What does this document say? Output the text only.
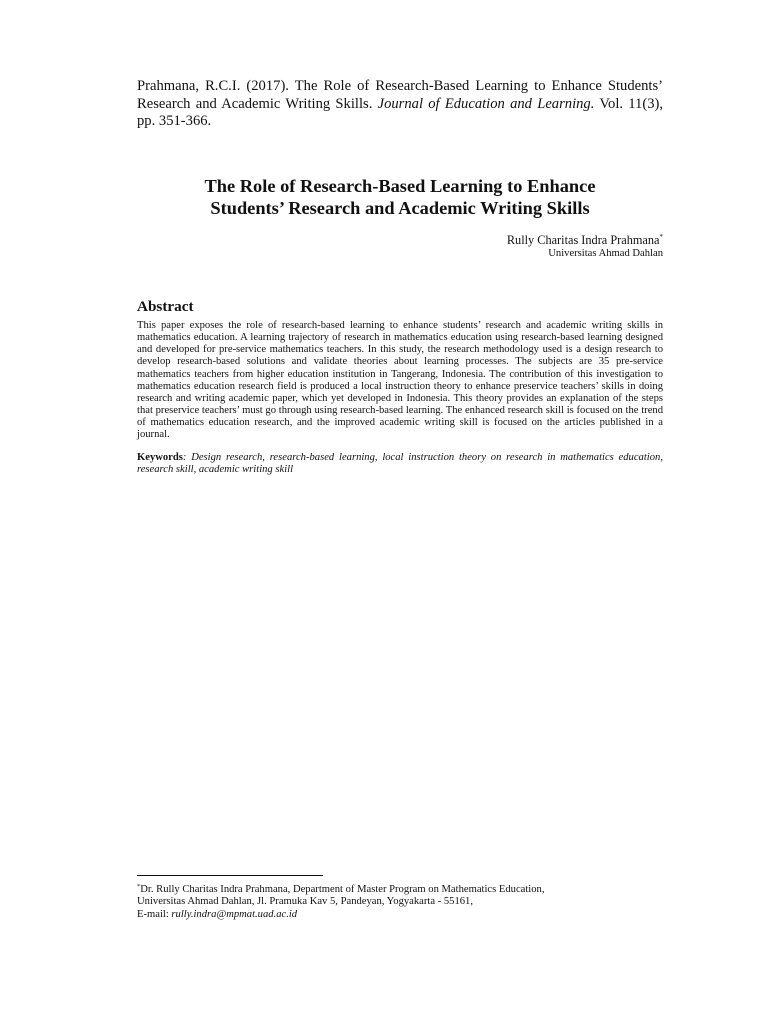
Prahmana, R.C.I. (2017). The Role of Research-Based Learning to Enhance Students’ Research and Academic Writing Skills. Journal of Education and Learning. Vol. 11(3), pp. 351-366.
The Role of Research-Based Learning to Enhance
Students’ Research and Academic Writing Skills
Rully Charitas Indra Prahmana*
Universitas Ahmad Dahlan
Abstract
This paper exposes the role of research-based learning to enhance students’ research and academic writing skills in mathematics education. A learning trajectory of research in mathematics education using research-based learning designed and developed for pre-service mathematics teachers. In this study, the research methodology used is a design research to develop research-based solutions and validate theories about learning processes. The subjects are 35 pre-service mathematics teachers from higher education institution in Tangerang, Indonesia. The contribution of this investigation to mathematics education research field is produced a local instruction theory to enhance preservice teachers’ skills in doing research and writing academic paper, which yet developed in Indonesia. This theory provides an explanation of the steps that preservice teachers’ must go through using research-based learning. The enhanced research skill is focused on the trend of mathematics education research, and the improved academic writing skill is focused on the articles published in a journal.
Keywords: Design research, research-based learning, local instruction theory on research in mathematics education, research skill, academic writing skill
*Dr. Rully Charitas Indra Prahmana, Department of Master Program on Mathematics Education,
Universitas Ahmad Dahlan, Jl. Pramuka Kav 5, Pandeyan, Yogyakarta - 55161,
E-mail: rully.indra@mpmat.uad.ac.id
